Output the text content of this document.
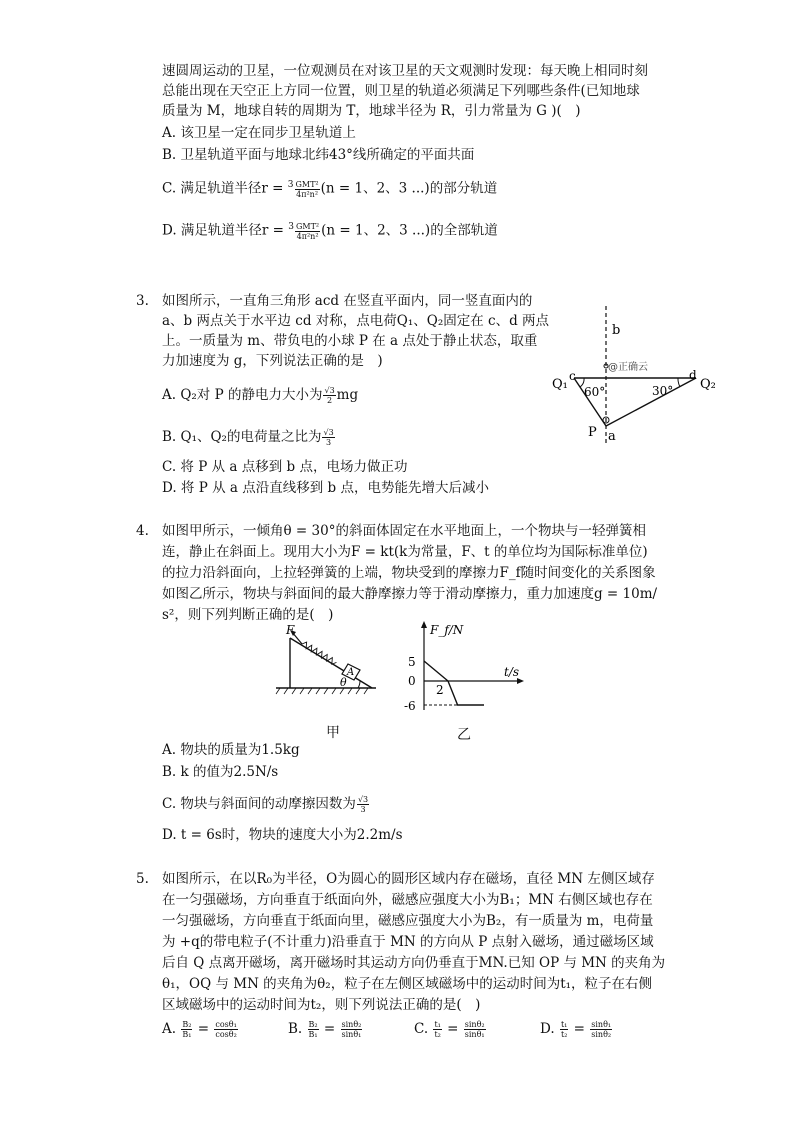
速圆周运动的卫星，一位观测员在对该卫星的天文观测时发现：每天晚上相同时刻
总能出现在天空正上方同一位置，则卫星的轨道必须满足下列哪些条件(已知地球
质量为 M，地球自转的周期为 T，地球半径为 R，引力常量为 G )(　)
A. 该卫星一定在同步卫星轨道上
B. 卫星轨道平面与地球北纬43°线所确定的平面共面
C. 满足轨道半径$r = ^3 \frac{\text{GMT²}}{\text{4π²n²}} (n = 1$、2、3 ...)的部分轨道
D. 满足轨道半径$r = ^3 \frac{\text{GMT²}}{\text{4π²n²}} (n = 1$、2、3 ...)的全部轨道
3. 如图所示，一直角三角形 acd 在竖直平面内，同一竖直面内的
a、b 两点关于水平边 cd 对称，点电荷Q₁、Q₂固定在 c、d 两点
上。一质量为 m、带负电的小球 P 在 a 点处于静止状态，取重
力加速度为 g，下列说法正确的是　)
A. Q₂对 P 的静电力大小为 $\frac{√3}{2}$ mg
B. Q₁、Q₂的电荷量之比为 $\frac{√3}{3}$
C. 将 P 从 a 点移到 b 点，电场力做正功
D. 将 P 从 a 点沿直线移到 b 点，电势能先增大后减小
b
@正确云
c	d
Q₁	Q₂
60°	30°
P a
4. 如图甲所示，一倾角θ = 30°的斜面体固定在水平地面上，一个物块与一轻弹簧相
连，静止在斜面上。现用大小为F = kt(k为常量，F、t 的单位均为国际标准单位)
的拉力沿斜面向，上拉轻弹簧的上端，物块受到的摩擦力F_f随时间变化的关系图象
如图乙所示，物块与斜面间的最大静摩擦力等于滑动摩擦力，重力加速度g = 10m/
s²，则下列判断正确的是(　)
F
A
θ
F_f/N
t/s
5
0
-6
2
甲	乙
A. 物块的质量为1.5kg
B. k 的值为2.5N/s
C. 物块与斜面间的动摩擦因数为 $\frac{√3}{3}$
D. t = 6s时，物块的速度大小为2.2m/s
5. 如图所示，在以R₀为半径，O为圆心的圆形区域内存在磁场，直径 MN 左侧区域存
在一匀强磁场，方向垂直于纸面向外，磁感应强度大小为B₁；MN 右侧区域也存在
一匀强磁场，方向垂直于纸面向里，磁感应强度大小为B₂，有一质量为 m，电荷量
为 +q的带电粒子(不计重力)沿垂直于 MN 的方向从 P 点射入磁场，通过磁场区域
后自 Q 点离开磁场，离开磁场时其运动方向仍垂直于MN.已知 OP 与 MN 的夹角为
θ₁，OQ 与 MN 的夹角为θ₂，粒子在左侧区域磁场中的运动时间为t₁，粒子在右侧
区域磁场中的运动时间为t₂，则下列说法正确的是(　)
A. $\frac{\text{B₂}}{\text{B₁}} = \frac{\text{cosθ₁}}{\text{cosθ₂}}$	B. $\frac{\text{B₂}}{\text{B₁}} = \frac{\text{sinθ₂}}{\text{sinθ₁}}$	C. $\frac{\text{t₁}}{\text{t₂}} = \frac{\text{sinθ₂}}{\text{sinθ₁}}$	D. $\frac{\text{t₁}}{\text{t₂}} = \frac{\text{sinθ₁}}{\text{sinθ₂}}$
